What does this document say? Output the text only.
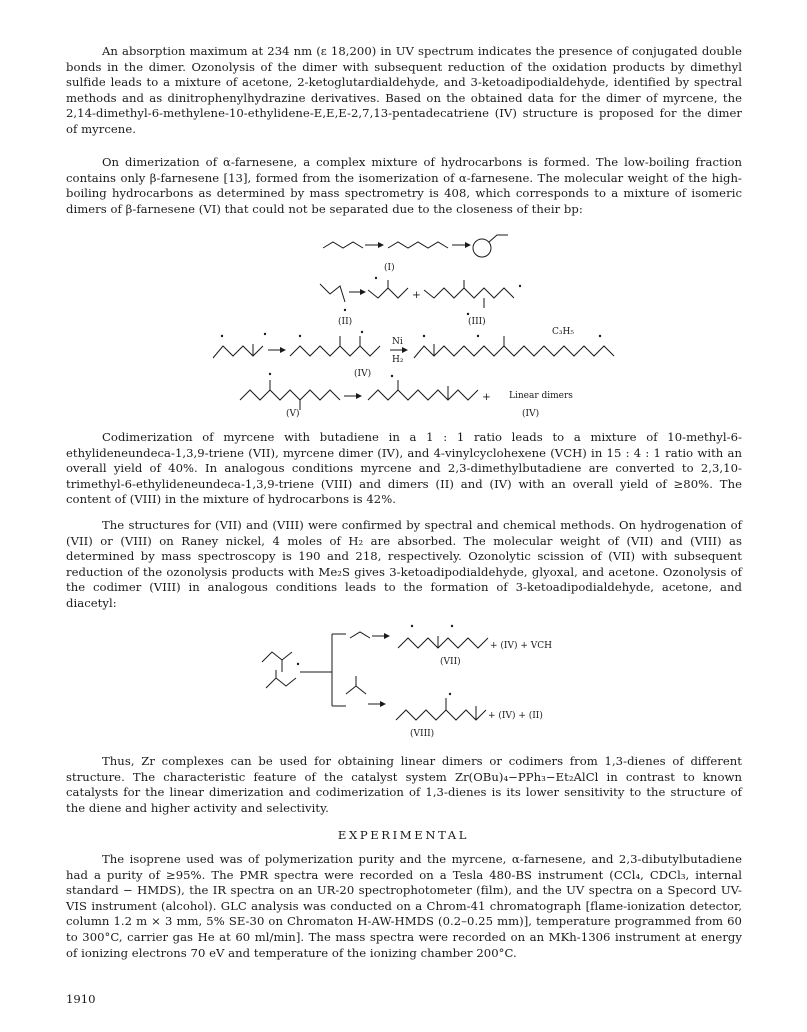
An absorption maximum at 234 nm (ε 18,200) in UV spectrum indicates the presence of conjugated double bonds in the dimer. Ozonolysis of the dimer with subsequent reduction of the oxidation products by dimethyl sulfide leads to a mixture of acetone, 2-ketoglutardialdehyde, and 3-ketoadipodialdehyde, identified by spectral methods and as dinitrophenylhydrazine derivatives. Based on the obtained data for the dimer of myrcene, the 2,14-dimethyl-6-methylene-10-ethylidene-E,E,E-2,7,13-pentadecatriene (IV) structure is proposed for the dimer of myrcene.

On dimerization of α-farnesene, a complex mixture of hydrocarbons is formed. The low-boiling fraction contains only β-farnesene [13], formed from the isomerization of α-farnesene. The molecular weight of the high-boiling hydrocarbons as determined by mass spectrometry is 408, which corresponds to a mixture of isomeric dimers of β-farnesene (VI) that could not be separated due to the closeness of their bp:

(I)
+
(II)	(III)
Ni
H₂
C₃H₅
(IV)
+ Linear dimers
(V)	(IV)

Codimerization of myrcene with butadiene in a 1 : 1 ratio leads to a mixture of 10-methyl-6-ethylideneundeca-1,3,9-triene (VII), myrcene dimer (IV), and 4-vinylcyclohexene (VCH) in 15 : 4 : 1 ratio with an overall yield of 40%. In analogous conditions myrcene and 2,3-dimethylbutadiene are converted to 2,3,10-trimethyl-6-ethylideneundeca-1,3,9-triene (VIII) and dimers (II) and (IV) with an overall yield of ≥80%. The content of (VIII) in the mixture of hydrocarbons is 42%.

The structures for (VII) and (VIII) were confirmed by spectral and chemical methods. On hydrogenation of (VII) or (VIII) on Raney nickel, 4 moles of H₂ are absorbed. The molecular weight of (VII) and (VIII) as determined by mass spectroscopy is 190 and 218, respectively. Ozonolytic scission of (VII) with subsequent reduction of the ozonolysis products with Me₂S gives 3-ketoadipodialdehyde, glyoxal, and acetone. Ozonolysis of the codimer (VIII) in analogous conditions leads to the formation of 3-ketoadipodialdehyde, acetone, and diacetyl:

+ (IV) + VCH
(VII)
+ (IV) + (II)
(VIII)

Thus, Zr complexes can be used for obtaining linear dimers or codimers from 1,3-dienes of different structure. The characteristic feature of the catalyst system Zr(OBu)₄−PPh₃−Et₂AlCl in contrast to known catalysts for the linear dimerization and codimerization of 1,3-dienes is its lower sensitivity to the structure of the diene and higher activity and selectivity.

EXPERIMENTAL

The isoprene used was of polymerization purity and the myrcene, α-farnesene, and 2,3-dibutylbutadiene had a purity of ≥95%. The PMR spectra were recorded on a Tesla 480-BS instrument (CCl₄, CDCl₃, internal standard − HMDS), the IR spectra on an UR-20 spectrophotometer (film), and the UV spectra on a Specord UV-VIS instrument (alcohol). GLC analysis was conducted on a Chrom-41 chromatograph [flame-ionization detector, column 1.2 m × 3 mm, 5% SE-30 on Chromaton H-AW-HMDS (0.2–0.25 mm)], temperature programmed from 60 to 300°C, carrier gas He at 60 ml/min]. The mass spectra were recorded on an MKh-1306 instrument at energy of ionizing electrons 70 eV and temperature of the ionizing chamber 200°C.

1910
